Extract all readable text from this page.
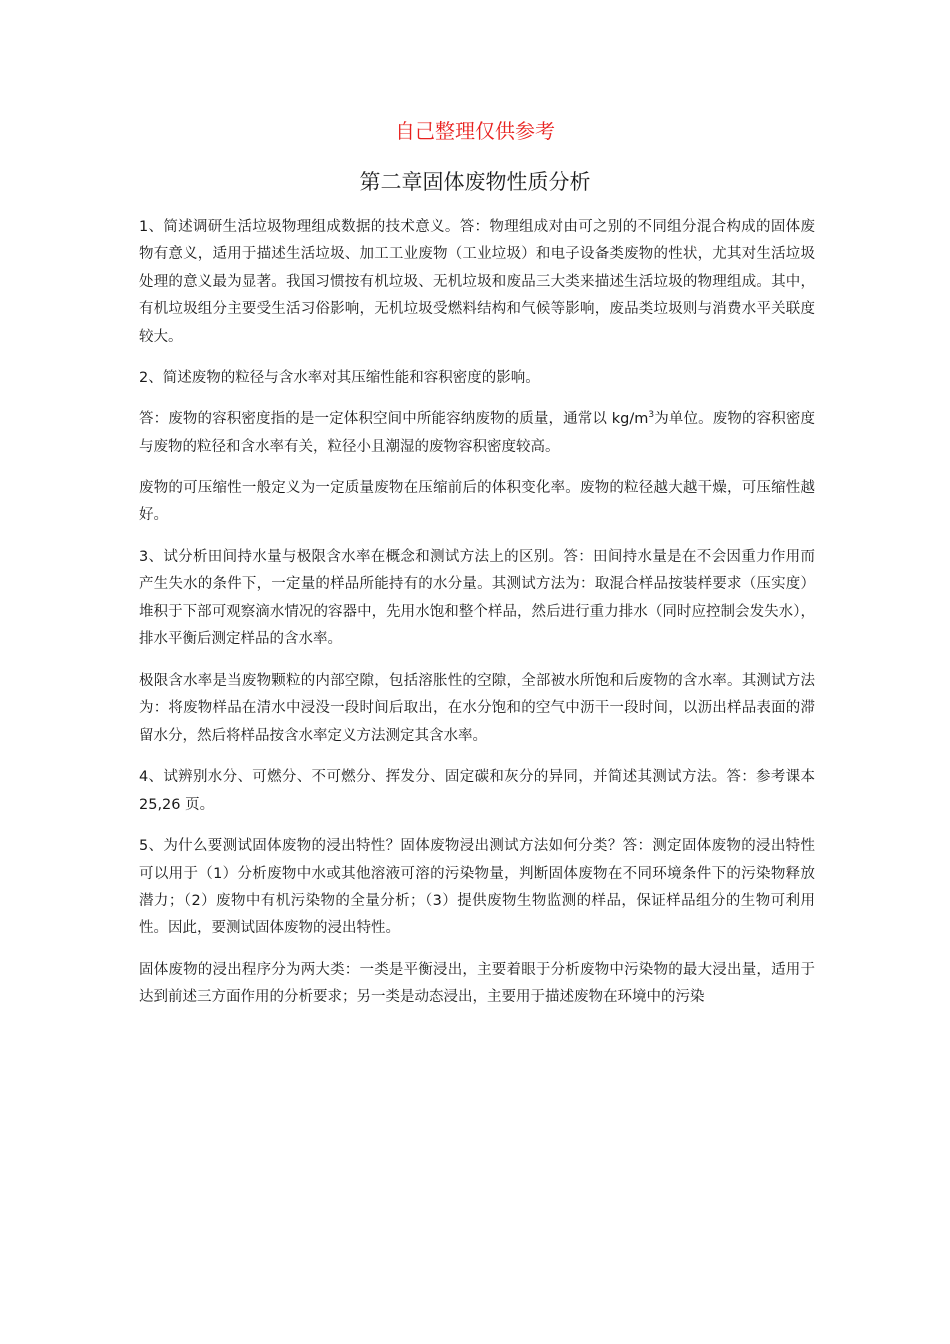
自己整理仅供参考

第二章固体废物性质分析

1、简述调研生活垃圾物理组成数据的技术意义。答：物理组成对由可之别的不同组分混合构成的固体废物有意义，适用于描述生活垃圾、加工工业废物（工业垃圾）和电子设备类废物的性状，尤其对生活垃圾处理的意义最为显著。我国习惯按有机垃圾、无机垃圾和废品三大类来描述生活垃圾的物理组成。其中，有机垃圾组分主要受生活习俗影响，无机垃圾受燃料结构和气候等影响，废品类垃圾则与消费水平关联度较大。

2、简述废物的粒径与含水率对其压缩性能和容积密度的影响。

答：废物的容积密度指的是一定体积空间中所能容纳废物的质量，通常以 $kg/m^3$为单位。废物的容积密度与废物的粒径和含水率有关，粒径小且潮湿的废物容积密度较高。

废物的可压缩性一般定义为一定质量废物在压缩前后的体积变化率。废物的粒径越大越干燥，可压缩性越好。

3、试分析田间持水量与极限含水率在概念和测试方法上的区别。答：田间持水量是在不会因重力作用而产生失水的条件下，一定量的样品所能持有的水分量。其测试方法为：取混合样品按装样要求（压实度）堆积于下部可观察滴水情况的容器中，先用水饱和整个样品，然后进行重力排水（同时应控制会发失水），排水平衡后测定样品的含水率。

极限含水率是当废物颗粒的内部空隙，包括溶胀性的空隙，全部被水所饱和后废物的含水率。其测试方法为：将废物样品在清水中浸没一段时间后取出，在水分饱和的空气中沥干一段时间，以沥出样品表面的滞留水分，然后将样品按含水率定义方法测定其含水率。

4、试辨别水分、可燃分、不可燃分、挥发分、固定碳和灰分的异同，并简述其测试方法。答：参考课本 25,26 页。

5、为什么要测试固体废物的浸出特性？固体废物浸出测试方法如何分类？答：测定固体废物的浸出特性可以用于（1）分析废物中水或其他溶液可溶的污染物量，判断固体废物在不同环境条件下的污染物释放潜力；（2）废物中有机污染物的全量分析；（3）提供废物生物监测的样品，保证样品组分的生物可利用性。因此，要测试固体废物的浸出特性。

固体废物的浸出程序分为两大类：一类是平衡浸出，主要着眼于分析废物中污染物的最大浸出量，适用于达到前述三方面作用的分析要求；另一类是动态浸出，主要用于描述废物在环境中的污染
